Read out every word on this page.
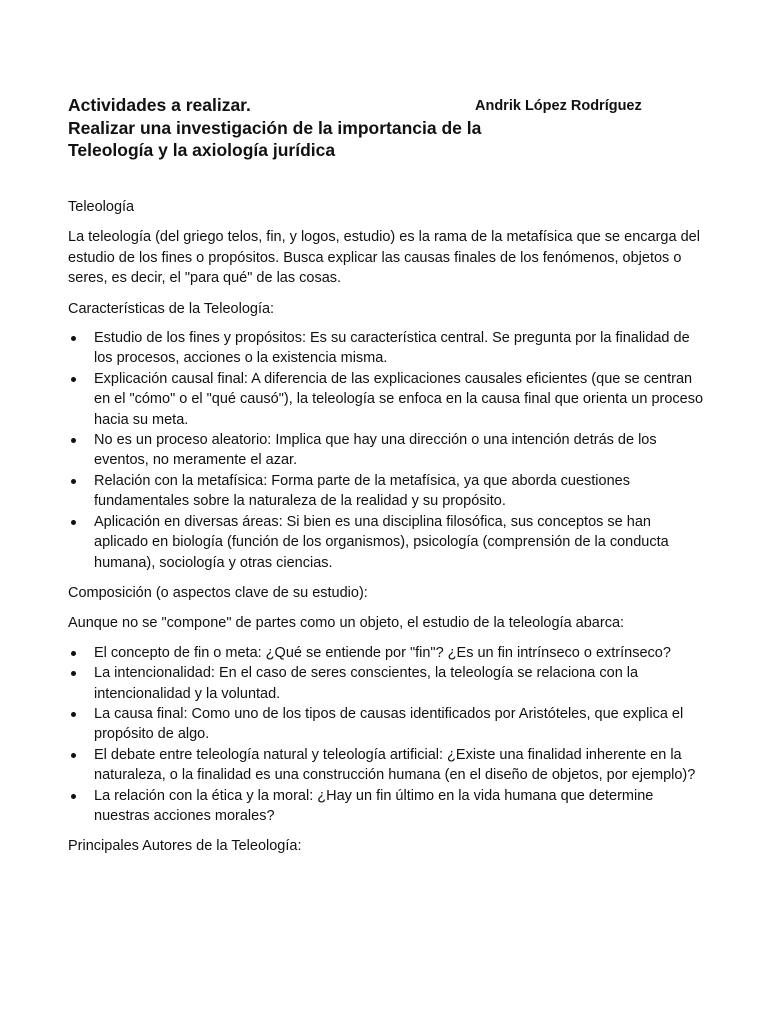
Actividades a realizar.	Andrik López Rodríguez
Realizar una investigación de la importancia de la
Teleología y la axiología jurídica

Teleología

La teleología (del griego telos, fin, y logos, estudio) es la rama de la metafísica que se encarga del estudio de los fines o propósitos. Busca explicar las causas finales de los fenómenos, objetos o seres, es decir, el "para qué" de las cosas.

Características de la Teleología:

Estudio de los fines y propósitos: Es su característica central. Se pregunta por la finalidad de los procesos, acciones o la existencia misma.
Explicación causal final: A diferencia de las explicaciones causales eficientes (que se centran en el "cómo" o el "qué causó"), la teleología se enfoca en la causa final que orienta un proceso hacia su meta.
No es un proceso aleatorio: Implica que hay una dirección o una intención detrás de los eventos, no meramente el azar.
Relación con la metafísica: Forma parte de la metafísica, ya que aborda cuestiones fundamentales sobre la naturaleza de la realidad y su propósito.
Aplicación en diversas áreas: Si bien es una disciplina filosófica, sus conceptos se han aplicado en biología (función de los organismos), psicología (comprensión de la conducta humana), sociología y otras ciencias.

Composición (o aspectos clave de su estudio):

Aunque no se "compone" de partes como un objeto, el estudio de la teleología abarca:

El concepto de fin o meta: ¿Qué se entiende por "fin"? ¿Es un fin intrínseco o extrínseco?
La intencionalidad: En el caso de seres conscientes, la teleología se relaciona con la intencionalidad y la voluntad.
La causa final: Como uno de los tipos de causas identificados por Aristóteles, que explica el propósito de algo.
El debate entre teleología natural y teleología artificial: ¿Existe una finalidad inherente en la naturaleza, o la finalidad es una construcción humana (en el diseño de objetos, por ejemplo)?
La relación con la ética y la moral: ¿Hay un fin último en la vida humana que determine nuestras acciones morales?

Principales Autores de la Teleología:
